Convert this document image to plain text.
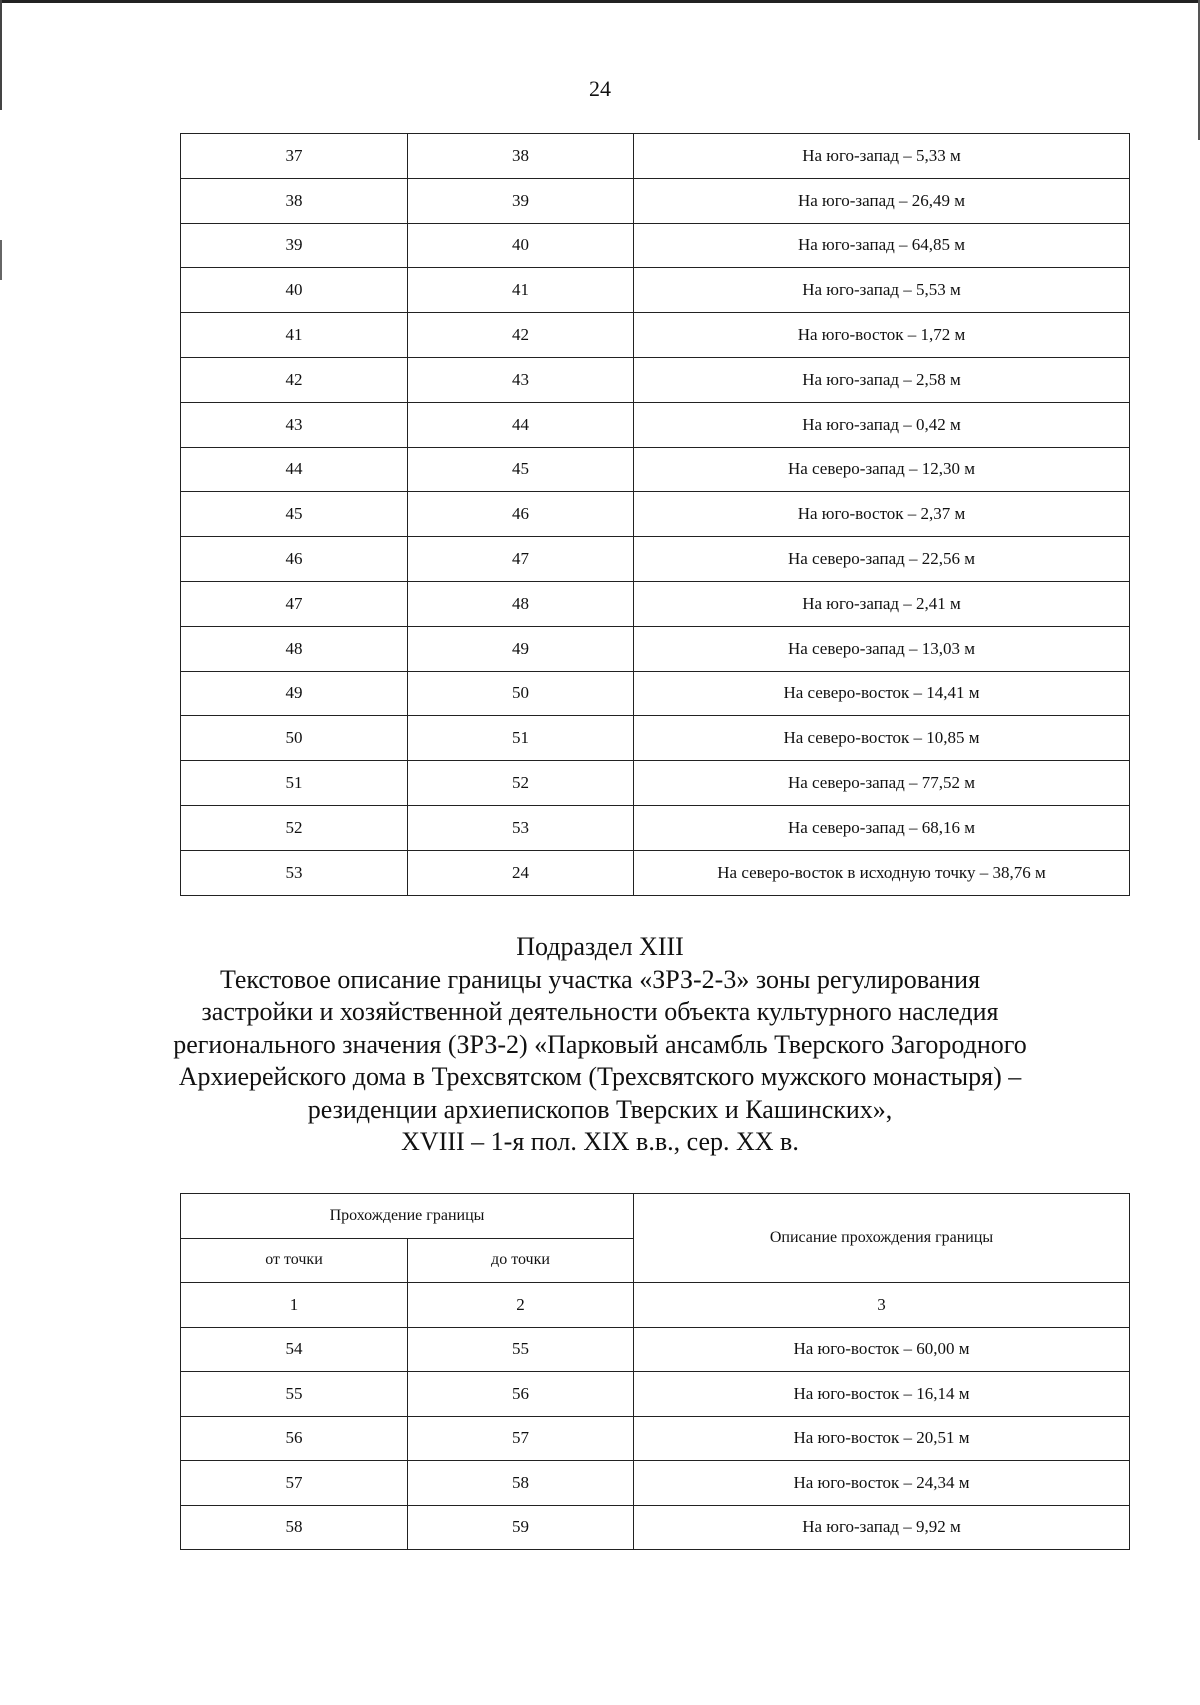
24
37	38	На юго-запад – 5,33 м
38	39	На юго-запад – 26,49 м
39	40	На юго-запад – 64,85 м
40	41	На юго-запад – 5,53 м
41	42	На юго-восток – 1,72 м
42	43	На юго-запад – 2,58 м
43	44	На юго-запад – 0,42 м
44	45	На северо-запад – 12,30 м
45	46	На юго-восток – 2,37 м
46	47	На северо-запад – 22,56 м
47	48	На юго-запад – 2,41 м
48	49	На северо-запад – 13,03 м
49	50	На северо-восток – 14,41 м
50	51	На северо-восток – 10,85 м
51	52	На северо-запад – 77,52 м
52	53	На северо-запад – 68,16 м
53	24	На северо-восток в исходную точку – 38,76 м
Подраздел XIII
Текстовое описание границы участка «ЗРЗ-2-3» зоны регулирования
застройки и хозяйственной деятельности объекта культурного наследия
регионального значения (ЗРЗ-2) «Парковый ансамбль Тверского Загородного
Архиерейского дома в Трехсвятском (Трехсвятского мужского монастыря) –
резиденции архиепископов Тверских и Кашинских»,
XVIII – 1-я пол. XIX в.в., сер. XX в.
Прохождение границы		Описание прохождения границы
от точки	до точки	
1	2	3
54	55	На юго-восток – 60,00 м
55	56	На юго-восток – 16,14 м
56	57	На юго-восток – 20,51 м
57	58	На юго-восток – 24,34 м
58	59	На юго-запад – 9,92 м
